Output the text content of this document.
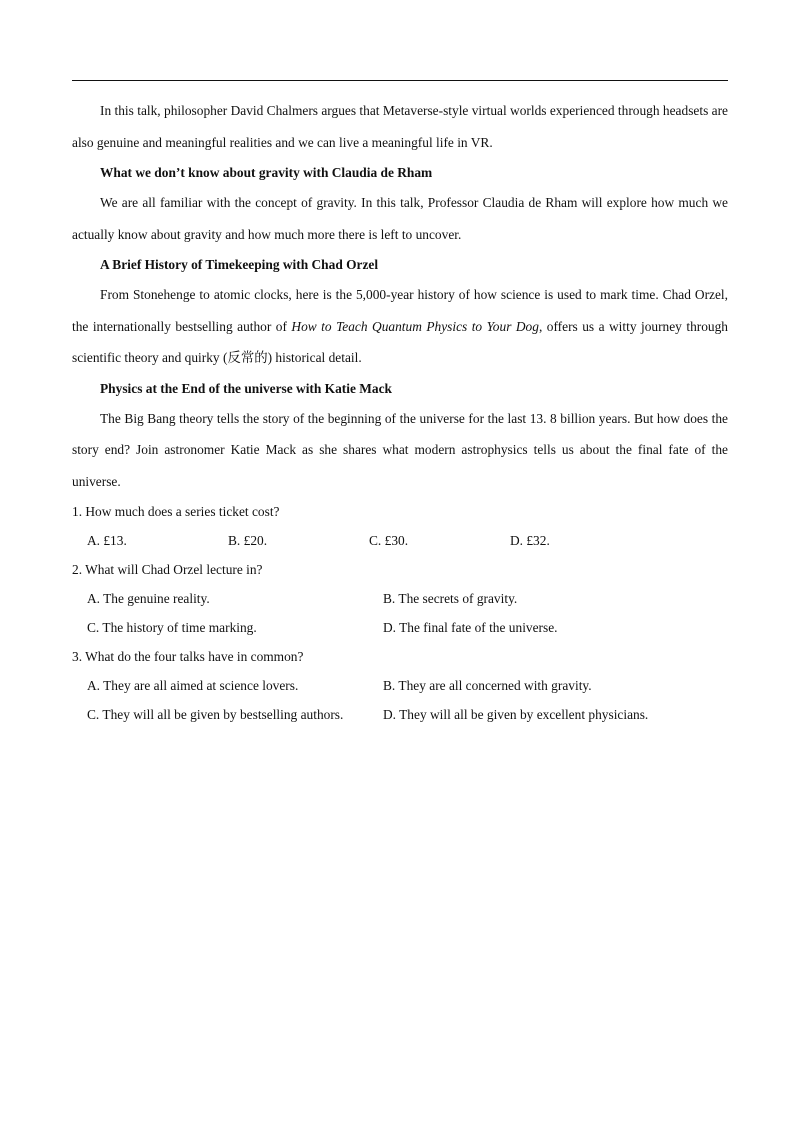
In this talk, philosopher David Chalmers argues that Metaverse-style virtual worlds experienced through headsets are also genuine and meaningful realities and we can live a meaningful life in VR.

What we don’t know about gravity with Claudia de Rham

We are all familiar with the concept of gravity. In this talk, Professor Claudia de Rham will explore how much we actually know about gravity and how much more there is left to uncover.

A Brief History of Timekeeping with Chad Orzel

From Stonehenge to atomic clocks, here is the 5,000-year history of how science is used to mark time. Chad Orzel, the internationally bestselling author of How to Teach Quantum Physics to Your Dog, offers us a witty journey through scientific theory and quirky (反常的) historical detail.

Physics at the End of the universe with Katie Mack

The Big Bang theory tells the story of the beginning of the universe for the last 13. 8 billion years. But how does the story end? Join astronomer Katie Mack as she shares what modern astrophysics tells us about the final fate of the universe.

1. How much does a series ticket cost?

A. £13.	B. £20.	C. £30.	D. £32.

2. What will Chad Orzel lecture in?

A. The genuine reality.	B. The secrets of gravity.
C. The history of time marking.	D. The final fate of the universe.

3. What do the four talks have in common?

A. They are all aimed at science lovers.	B. They are all concerned with gravity.
C. They will all be given by bestselling authors.	D. They will all be given by excellent physicians.
